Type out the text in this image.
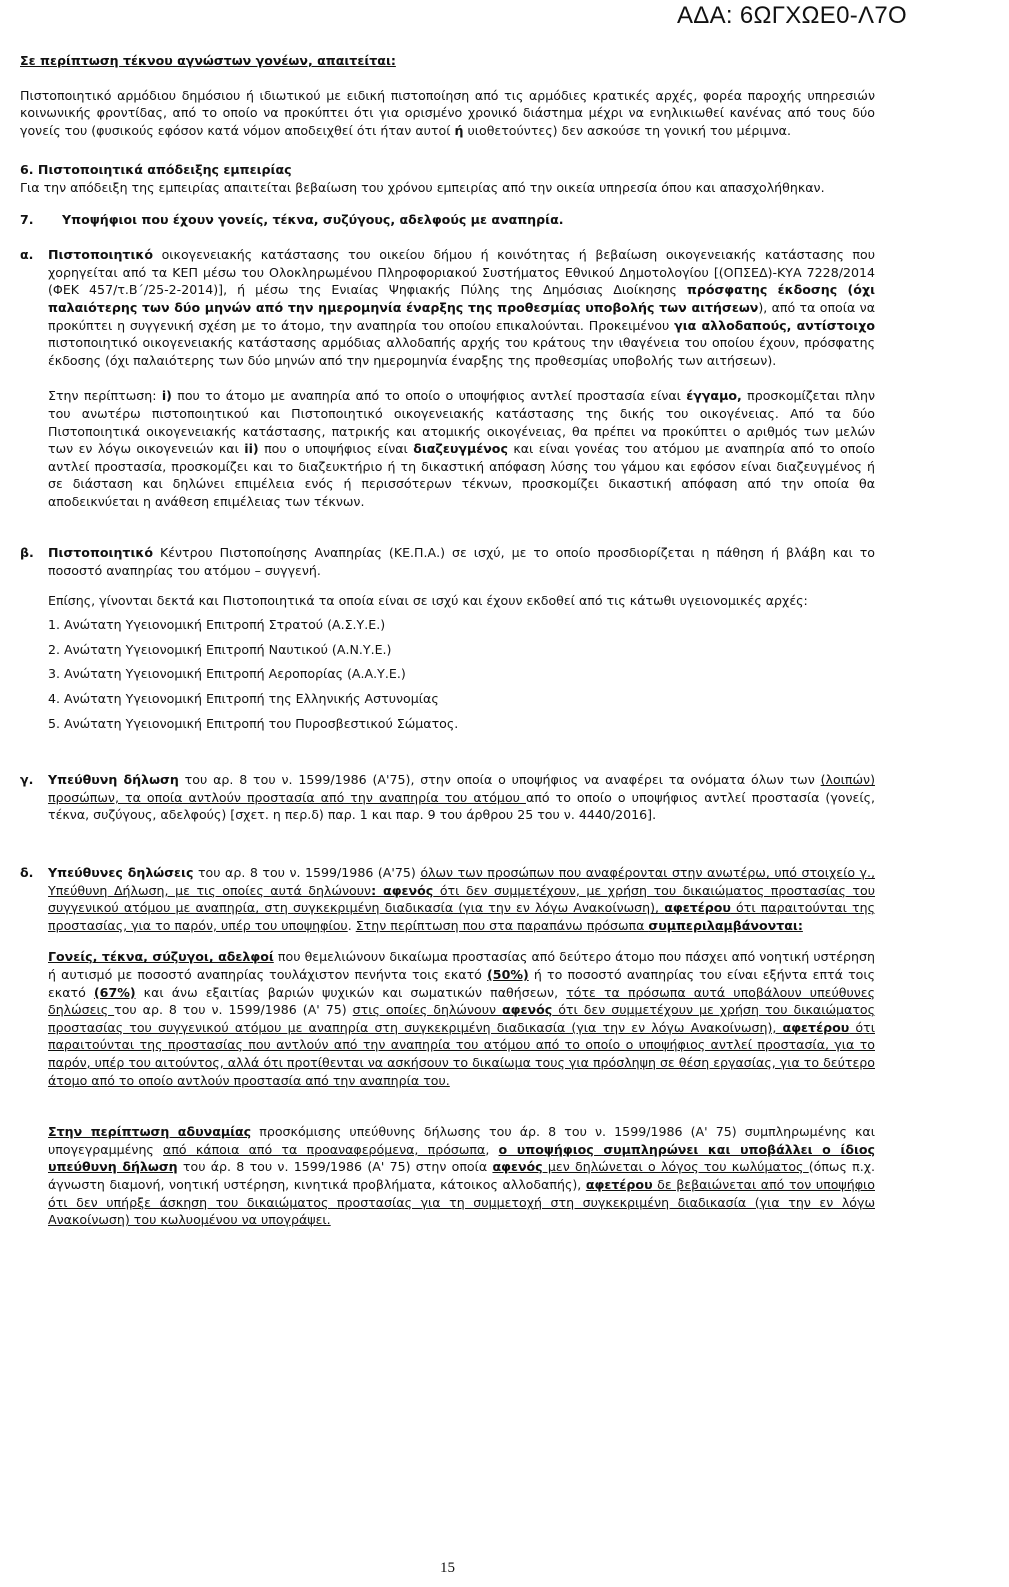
ΑΔΑ: 6ΩΓΧΩΕ0-Λ7Ο

Σε περίπτωση τέκνου αγνώστων γονέων, απαιτείται:

Πιστοποιητικό αρμόδιου δημόσιου ή ιδιωτικού με ειδική πιστοποίηση από τις αρμόδιες κρατικές αρχές, φορέα παροχής υπηρεσιών κοινωνικής φροντίδας, από το οποίο να προκύπτει ότι για ορισμένο χρονικό διάστημα μέχρι να ενηλικιωθεί κανένας από τους δύο γονείς του (φυσικούς εφόσον κατά νόμον αποδειχθεί ότι ήταν αυτοί ή υιοθετούντες) δεν ασκούσε τη γονική του μέριμνα.

6. Πιστοποιητικά απόδειξης εμπειρίας

Για την απόδειξη της εμπειρίας απαιτείται βεβαίωση του χρόνου εμπειρίας από την οικεία υπηρεσία όπου και απασχολήθηκαν.

7.	Υποψήφιοι που έχουν γονείς, τέκνα, συζύγους, αδελφούς με αναπηρία.
α.	Πιστοποιητικό οικογενειακής κατάστασης του οικείου δήμου ή κοινότητας ή βεβαίωση οικογενειακής κατάστασης που χορηγείται από τα ΚΕΠ μέσω του Ολοκληρωμένου Πληροφοριακού Συστήματος Εθνικού Δημοτολογίου [(ΟΠΣΕΔ)-ΚΥΑ 7228/2014 (ΦΕΚ 457/τ.Β΄/25-2-2014)], ή μέσω της Ενιαίας Ψηφιακής Πύλης της Δημόσιας Διοίκησης πρόσφατης έκδοσης (όχι παλαιότερης των δύο μηνών από την ημερομηνία έναρξης της προθεσμίας υποβολής των αιτήσεων), από τα οποία να προκύπτει η συγγενική σχέση με το άτομο, την αναπηρία του οποίου επικαλούνται. Προκειμένου για αλλοδαπούς, αντίστοιχο πιστοποιητικό οικογενειακής κατάστασης αρμόδιας αλλοδαπής αρχής του κράτους την ιθαγένεια του οποίου έχουν, πρόσφατης έκδοσης (όχι παλαιότερης των δύο μηνών από την ημερομηνία έναρξης της προθεσμίας υποβολής των αιτήσεων).

Στην περίπτωση: i) που το άτομο με αναπηρία από το οποίο ο υποψήφιος αντλεί προστασία είναι έγγαμο, προσκομίζεται πλην του ανωτέρω πιστοποιητικού και Πιστοποιητικό οικογενειακής κατάστασης της δικής του οικογένειας. Από τα δύο Πιστοποιητικά οικογενειακής κατάστασης, πατρικής και ατομικής οικογένειας, θα πρέπει να προκύπτει ο αριθμός των μελών των εν λόγω οικογενειών και ii) που ο υποψήφιος είναι διαζευγμένος και είναι γονέας του ατόμου με αναπηρία από το οποίο αντλεί προστασία, προσκομίζει και το διαζευκτήριο ή τη δικαστική απόφαση λύσης του γάμου και εφόσον είναι διαζευγμένος ή σε διάσταση και δηλώνει επιμέλεια ενός ή περισσότερων τέκνων, προσκομίζει δικαστική απόφαση από την οποία θα αποδεικνύεται η ανάθεση επιμέλειας των τέκνων.

β.	Πιστοποιητικό Κέντρου Πιστοποίησης Αναπηρίας (ΚΕ.Π.Α.) σε ισχύ, με το οποίο προσδιορίζεται η πάθηση ή βλάβη και το ποσοστό αναπηρίας του ατόμου – συγγενή.

Επίσης, γίνονται δεκτά και Πιστοποιητικά τα οποία είναι σε ισχύ και έχουν εκδοθεί από τις κάτωθι υγειονομικές αρχές:

1. Ανώτατη Υγειονομική Επιτροπή Στρατού (Α.Σ.Υ.Ε.)
2. Ανώτατη Υγειονομική Επιτροπή Ναυτικού (Α.Ν.Υ.Ε.)
3. Ανώτατη Υγειονομική Επιτροπή Αεροπορίας (Α.Α.Υ.Ε.)
4. Ανώτατη Υγειονομική Επιτροπή της Ελληνικής Αστυνομίας
5. Ανώτατη Υγειονομική Επιτροπή του Πυροσβεστικού Σώματος.
γ.	Υπεύθυνη δήλωση του αρ. 8 του ν. 1599/1986 (Α'75), στην οποία ο υποψήφιος να αναφέρει τα ονόματα όλων των (λοιπών) προσώπων, τα οποία αντλούν προστασία από την αναπηρία του ατόμου από το οποίο ο υποψήφιος αντλεί προστασία (γονείς, τέκνα, συζύγους, αδελφούς) [σχετ. η περ.δ) παρ. 1 και παρ. 9 του άρθρου 25 του ν. 4440/2016].

δ.	Υπεύθυνες δηλώσεις του αρ. 8 του ν. 1599/1986 (Α'75) όλων των προσώπων που αναφέρονται στην ανωτέρω, υπό στοιχείο γ., Υπεύθυνη Δήλωση, με τις οποίες αυτά δηλώνουν: αφενός ότι δεν συμμετέχουν, με χρήση του δικαιώματος προστασίας του συγγενικού ατόμου με αναπηρία, στη συγκεκριμένη διαδικασία (για την εν λόγω Ανακοίνωση), αφετέρου ότι παραιτούνται της προστασίας, για το παρόν, υπέρ του υποψηφίου. Στην περίπτωση που στα παραπάνω πρόσωπα συμπεριλαμβάνονται:

Γονείς, τέκνα, σύζυγοι, αδελφοί που θεμελιώνουν δικαίωμα προστασίας από δεύτερο άτομο που πάσχει από νοητική υστέρηση ή αυτισμό με ποσοστό αναπηρίας τουλάχιστον πενήντα τοις εκατό (50%) ή το ποσοστό αναπηρίας του είναι εξήντα επτά τοις εκατό (67%) και άνω εξαιτίας βαριών ψυχικών και σωματικών παθήσεων, τότε τα πρόσωπα αυτά υποβάλουν υπεύθυνες δηλώσεις του αρ. 8 του ν. 1599/1986 (Α' 75) στις οποίες δηλώνουν αφενός ότι δεν συμμετέχουν με χρήση του δικαιώματος προστασίας του συγγενικού ατόμου με αναπηρία στη συγκεκριμένη διαδικασία (για την εν λόγω Ανακοίνωση), αφετέρου ότι παραιτούνται της προστασίας που αντλούν από την αναπηρία του ατόμου από το οποίο ο υποψήφιος αντλεί προστασία, για το παρόν, υπέρ του αιτούντος, αλλά ότι προτίθενται να ασκήσουν το δικαίωμα τους για πρόσληψη σε θέση εργασίας, για το δεύτερο άτομο από το οποίο αντλούν προστασία από την αναπηρία του.

Στην περίπτωση αδυναμίας προσκόμισης υπεύθυνης δήλωσης του άρ. 8 του ν. 1599/1986 (Α' 75) συμπληρωμένης και υπογεγραμμένης από κάποια από τα προαναφερόμενα, πρόσωπα, ο υποψήφιος συμπληρώνει και υποβάλλει ο ίδιος υπεύθυνη δήλωση του άρ. 8 του ν. 1599/1986 (Α' 75) στην οποία αφενός μεν δηλώνεται ο λόγος του κωλύματος (όπως π.χ. άγνωστη διαμονή, νοητική υστέρηση, κινητικά προβλήματα, κάτοικος αλλοδαπής), αφετέρου δε βεβαιώνεται από τον υποψήφιο ότι δεν υπήρξε άσκηση του δικαιώματος προστασίας για τη συμμετοχή στη συγκεκριμένη διαδικασία (για την εν λόγω Ανακοίνωση) του κωλυομένου να υπογράψει.

15
